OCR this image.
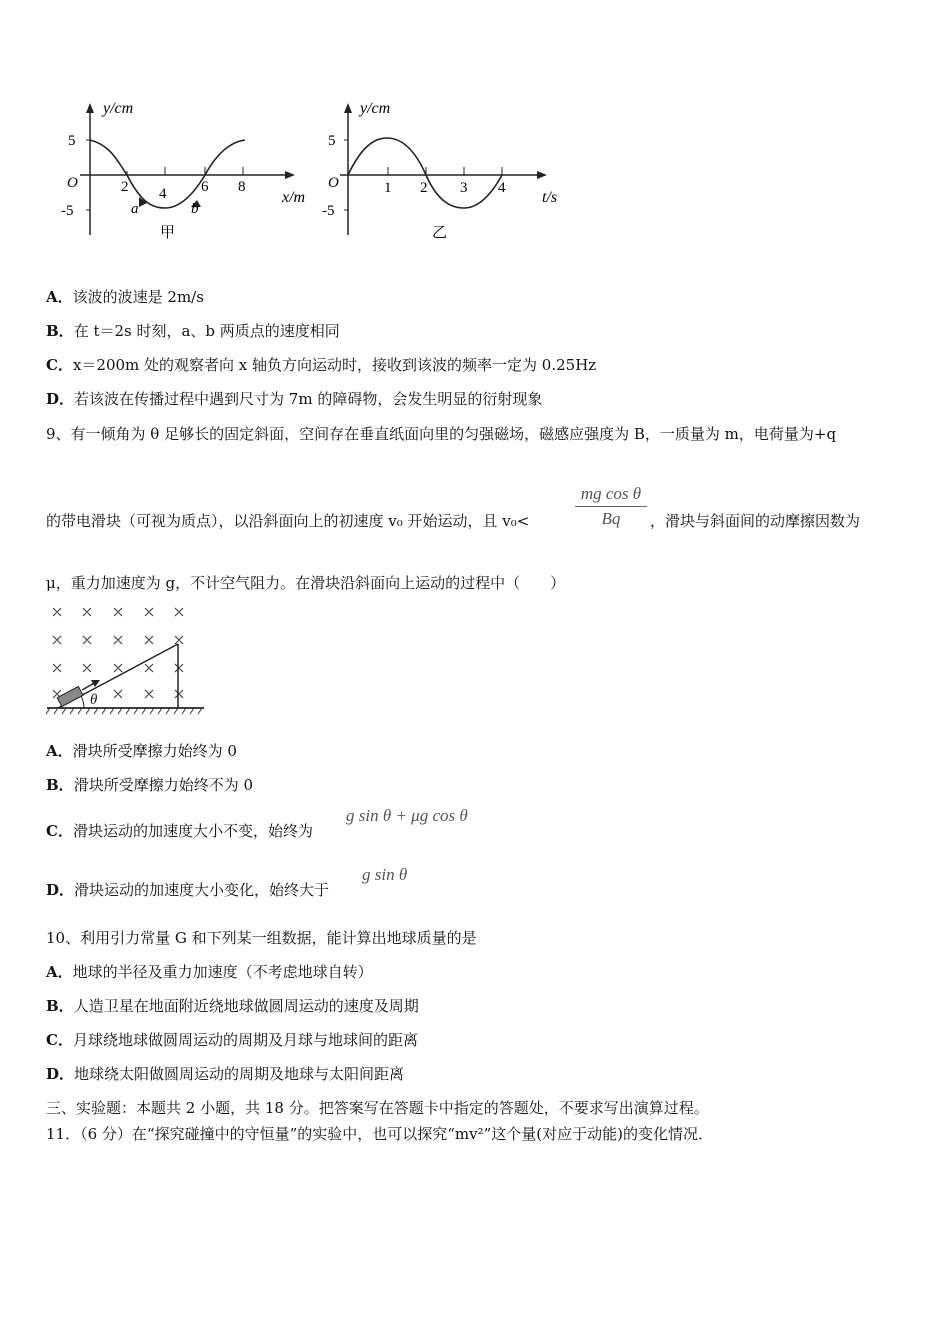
y/cm
5
O
-5
2 4 6 8
a	b
x/m
甲
y/cm
5
O
-5
1 2 3 4
t/s
乙
A．该波的波速是 2m/s
B．在 t＝2s 时刻，a、b 两质点的速度相同
C．x＝200m 处的观察者向 x 轴负方向运动时，接收到该波的频率一定为 0.25Hz
D．若该波在传播过程中遇到尺寸为 7m 的障碍物，会发生明显的衍射现象
9、有一倾角为 θ 足够长的固定斜面，空间存在垂直纸面向里的匀强磁场，磁感应强度为 B，一质量为 m，电荷量为+q
的带电滑块（可视为质点），以沿斜面向上的初速度 v₀ 开始运动，且 v₀<
mg cos θ
Bq	，滑块与斜面间的动摩擦因数为
μ，重力加速度为 g，不计空气阻力。在滑块沿斜面向上运动的过程中（　　）
θ
A．滑块所受摩擦力始终为 0
B．滑块所受摩擦力始终不为 0
C．滑块运动的加速度大小不变，始终为
g sin θ + μg cos θ
D．滑块运动的加速度大小变化，始终大于
g sin θ
10、利用引力常量 G 和下列某一组数据，能计算出地球质量的是
A．地球的半径及重力加速度（不考虑地球自转）
B．人造卫星在地面附近绕地球做圆周运动的速度及周期
C．月球绕地球做圆周运动的周期及月球与地球间的距离
D．地球绕太阳做圆周运动的周期及地球与太阳间距离
三、实验题：本题共 2 小题，共 18 分。把答案写在答题卡中指定的答题处，不要求写出演算过程。
11．（6 分）在“探究碰撞中的守恒量”的实验中，也可以探究“mv²”这个量(对应于动能)的变化情况．
